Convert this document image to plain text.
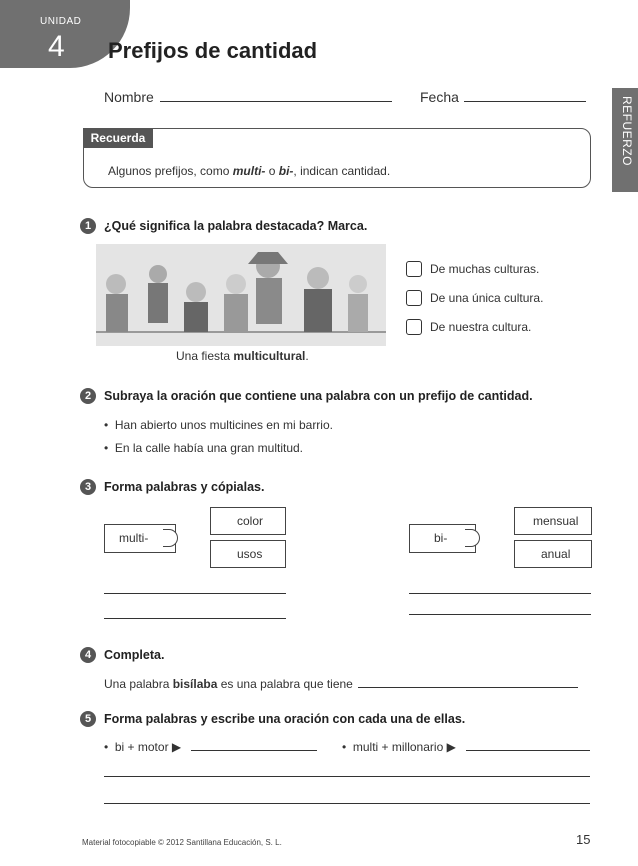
UNIDAD
4 Prefijos de cantidad
REFUERZO
Nombre	Fecha
Recuerda
Algunos prefijos, como multi- o bi-, indican cantidad.
1	¿Qué significa la palabra destacada? Marca.
De muchas culturas.
De una única cultura.
De nuestra cultura.
Una fiesta multicultural.
2	Subraya la oración que contiene una palabra con un prefijo de cantidad.
•  Han abierto unos multicines en mi barrio.
•  En la calle había una gran multitud.
3	Forma palabras y cópialas.
multi-
color
usos
bi-
mensual
anual
4	Completa.
Una palabra bisílaba es una palabra que tiene
5	Forma palabras y escribe una oración con cada una de ellas.
•  bi + motor ▶	•  multi + millonario ▶
Material fotocopiable © 2012 Santillana Educación, S. L.	15
